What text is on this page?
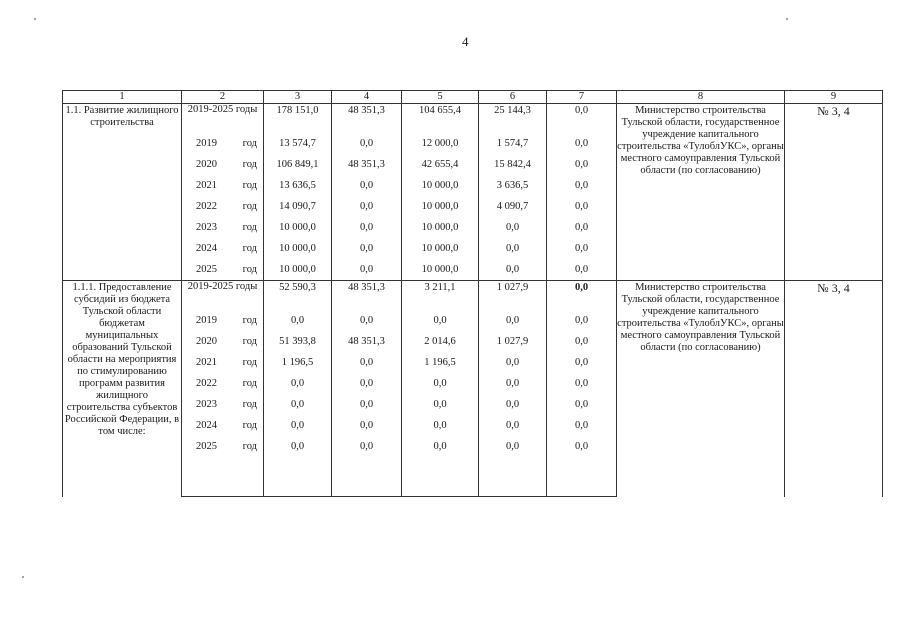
4
1	2	3	4	5	6	7	8	9
1.1. Развитие жилищного строительства	2019-2025 годы	178 151,0	48 351,3	104 655,4	25 144,3	0,0	Министерство строительства Тульской области, государственное учреждение капитального строительства «ТулоблУКС», органы местного самоуправления Тульской области (по согласованию)	№ 3, 4

	2019 год	13 574,7	0,0	12 000,0	1 574,7	0,0		

	2020 год	106 849,1	48 351,3	42 655,4	15 842,4	0,0		

	2021 год	13 636,5	0,0	10 000,0	3 636,5	0,0		

	2022 год	14 090,7	0,0	10 000,0	4 090,7	0,0		

	2023 год	10 000,0	0,0	10 000,0	0,0	0,0		

	2024 год	10 000,0	0,0	10 000,0	0,0	0,0		

	2025 год	10 000,0	0,0	10 000,0	0,0	0,0		

1.1.1. Предоставление субсидий из бюджета Тульской области бюджетам муниципальных образований Тульской области на мероприятия по стимулированию программ развития жилищного строительства субъектов Российской Федерации, в том числе:	2019-2025 годы	52 590,3	48 351,3	3 211,1	1 027,9	0,0	Министерство строительства Тульской области, государственное учреждение капитального строительства «ТулоблУКС», органы местного самоуправления Тульской области (по согласованию)	№ 3, 4

	2019 год	0,0	0,0	0,0	0,0	0,0		

	2020 год	51 393,8	48 351,3	2 014,6	1 027,9	0,0		

	2021 год	1 196,5	0,0	1 196,5	0,0	0,0		

	2022 год	0,0	0,0	0,0	0,0	0,0		

	2023 год	0,0	0,0	0,0	0,0	0,0		

	2024 год	0,0	0,0	0,0	0,0	0,0		

	2025 год	0,0	0,0	0,0	0,0	0,0		
